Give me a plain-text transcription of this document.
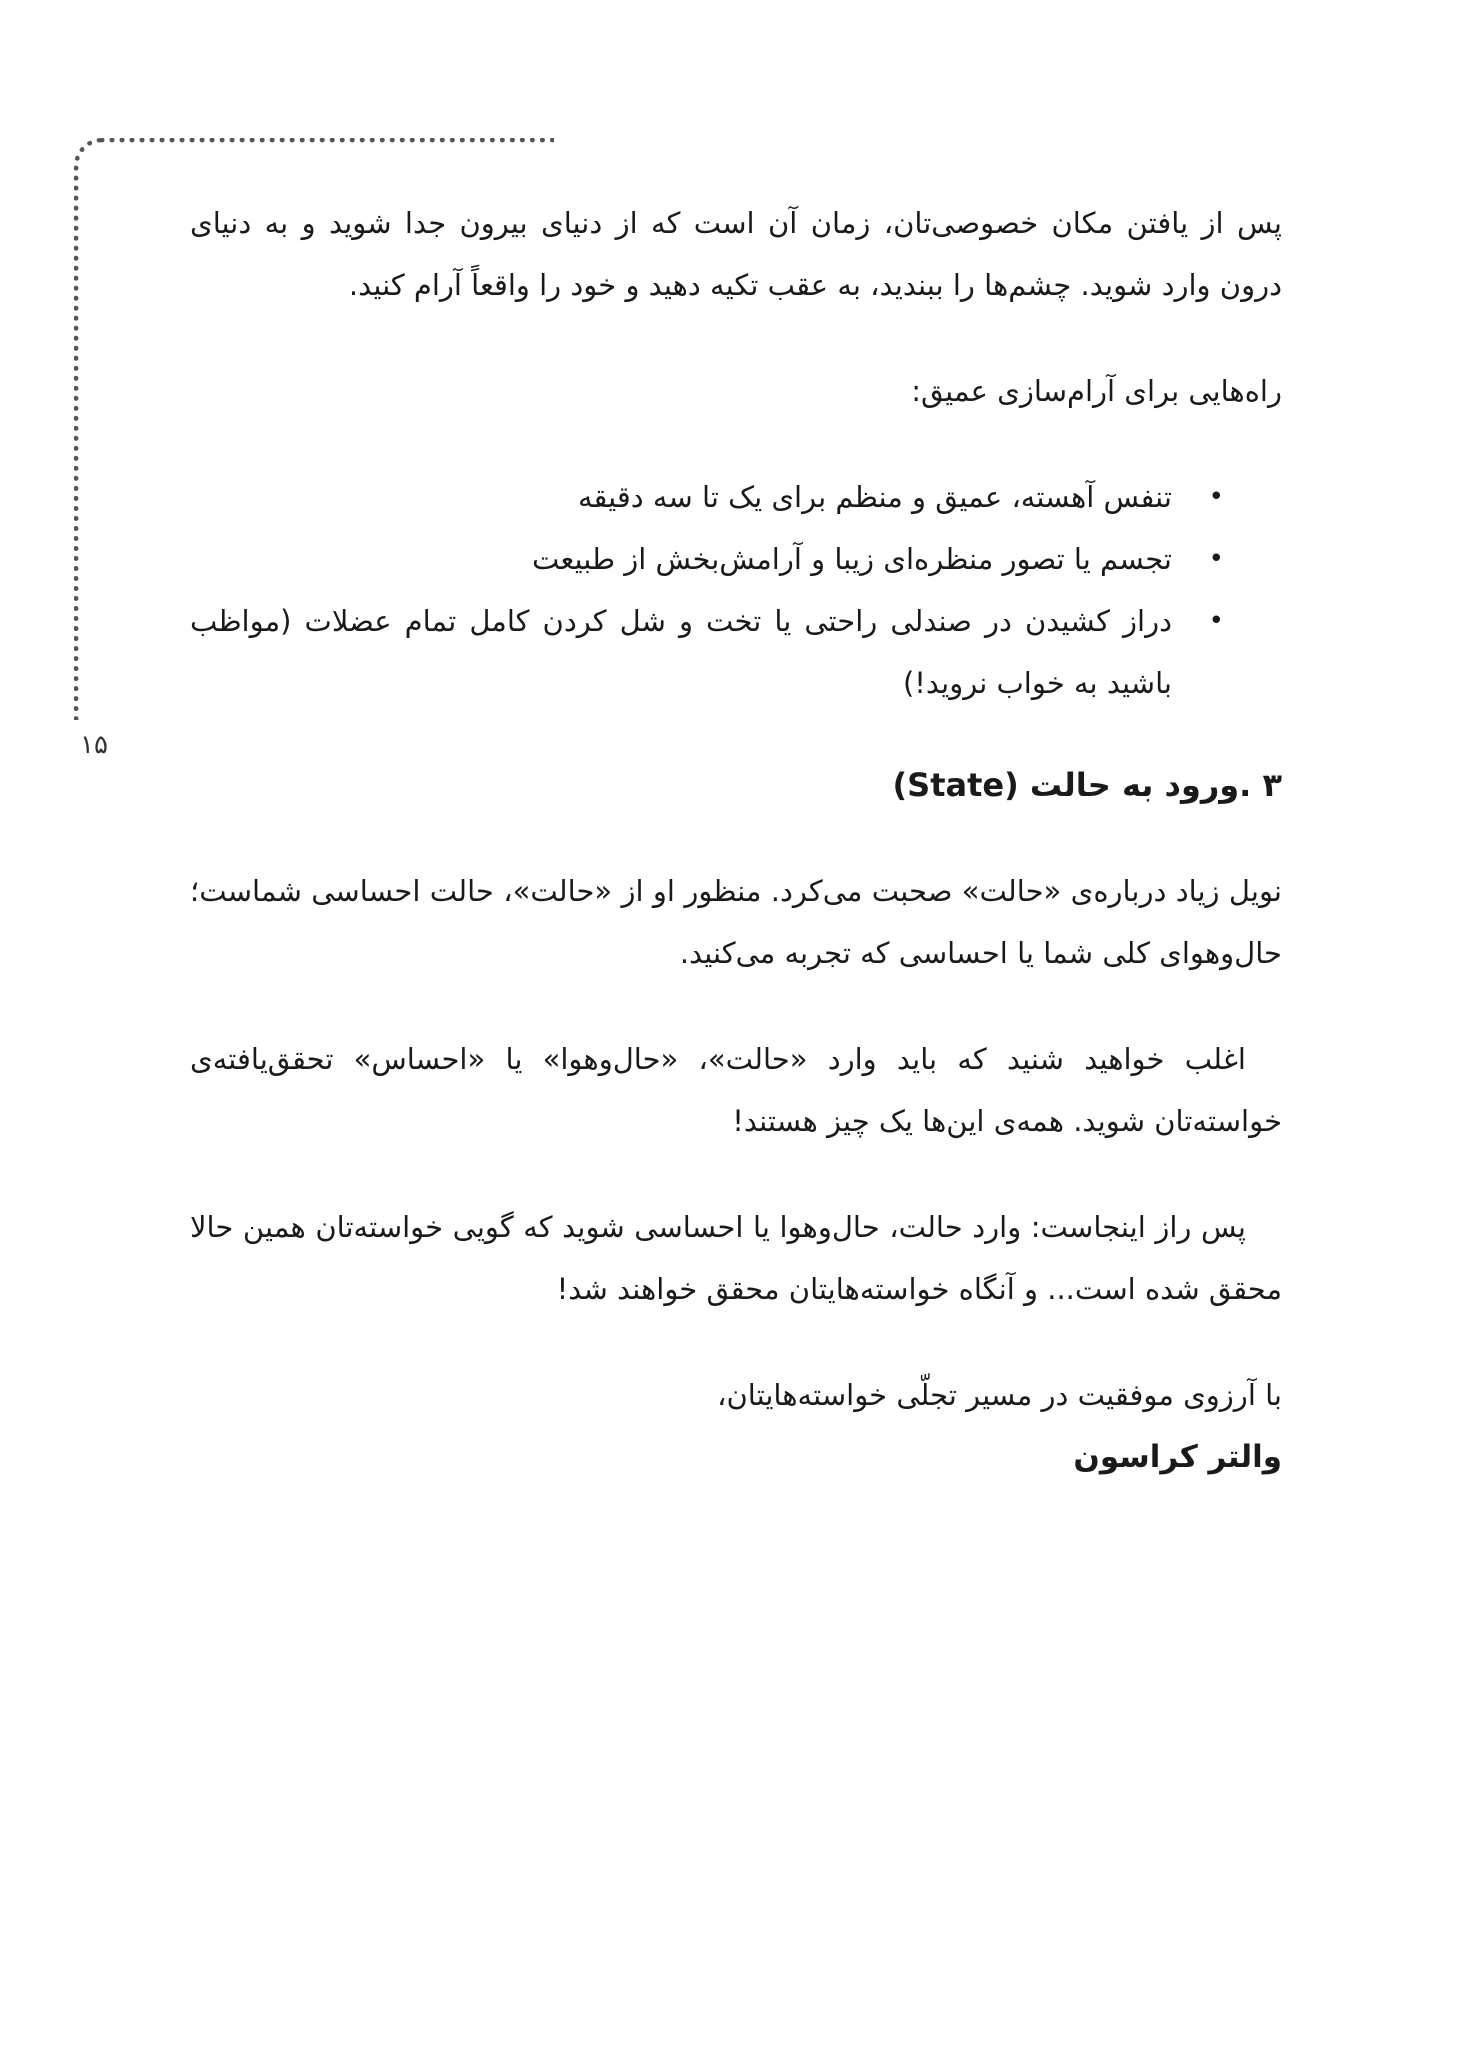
۱۵

پس از یافتن مکان خصوصی‌تان، زمان آن است که از دنیای بیرون جدا شوید و به دنیای درون وارد شوید. چشم‌ها را ببندید، به عقب تکیه دهید و خود را واقعاً آرام کنید.

راه‌هایی برای آرام‌سازی عمیق:

•
تنفس آهسته، عمیق و منظم برای یک تا سه دقیقه
•
تجسم یا تصور منظره‌ای زیبا و آرامش‌بخش از طبیعت
•
دراز کشیدن در صندلی راحتی یا تخت و شل کردن کامل تمام عضلات (مواظب باشید به خواب نروید!)

۳ .ورود به حالت (State)

نویل زیاد درباره‌ی «حالت» صحبت می‌کرد. منظور او از «حالت»، حالت احساسی شماست؛ حال‌وهوای کلی شما یا احساسی که تجربه می‌کنید.

اغلب خواهید شنید که باید وارد «حالت»، «حال‌وهوا» یا «احساس» تحقق‌یافته‌ی خواسته‌تان شوید. همه‌ی این‌ها یک چیز هستند!

پس راز اینجاست: وارد حالت، حال‌وهوا یا احساسی شوید که گویی خواسته‌تان همین حالا محقق شده است... و آنگاه خواسته‌هایتان محقق خواهند شد!

با آرزوی موفقیت در مسیر تجلّی خواسته‌هایتان،

والتر کراسون
